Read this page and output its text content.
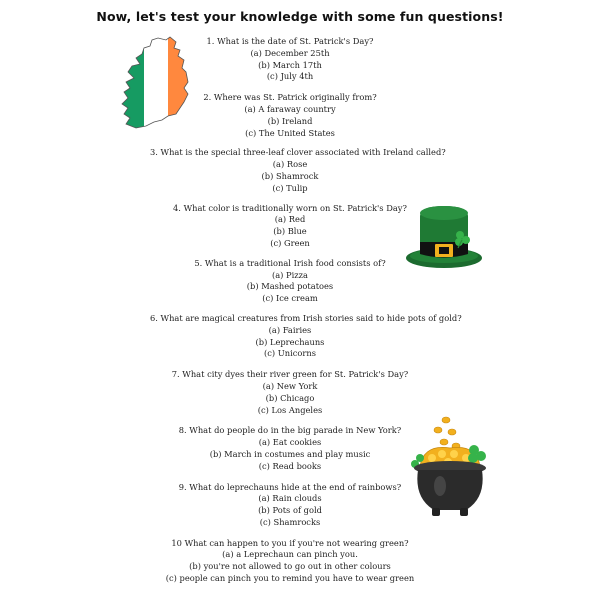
Now, let's test your knowledge with some fun questions!
1. What is the date of St. Patrick's Day?
(a) December 25th
(b) March 17th
(c) July 4th
2. Where was St. Patrick originally from?
(a) A faraway country
(b) Ireland
(c) The United States
3. What is the special three-leaf clover associated with Ireland called?
(a) Rose
(b) Shamrock
(c) Tulip
4. What color is traditionally worn on St. Patrick's Day?
(a) Red
(b) Blue
(c) Green
5. What is a traditional Irish food consists of?
(a) Pizza
(b) Mashed potatoes
(c) Ice cream
6. What are magical creatures from Irish stories said to hide pots of gold?
(a) Fairies
(b) Leprechauns
(c) Unicorns
7. What city dyes their river green for St. Patrick's Day?
(a) New York
(b) Chicago
(c) Los Angeles
8. What do people do in the big parade in New York?
(a) Eat cookies
(b) March in costumes and play music
(c) Read books
9. What do leprechauns hide at the end of rainbows?
(a) Rain clouds
(b) Pots of gold
(c) Shamrocks
10 What can happen to you if you're not wearing green?
(a) a Leprechaun can pinch you.
(b) you're not allowed to go out in other colours
(c) people can pinch you to remind you have to wear green
